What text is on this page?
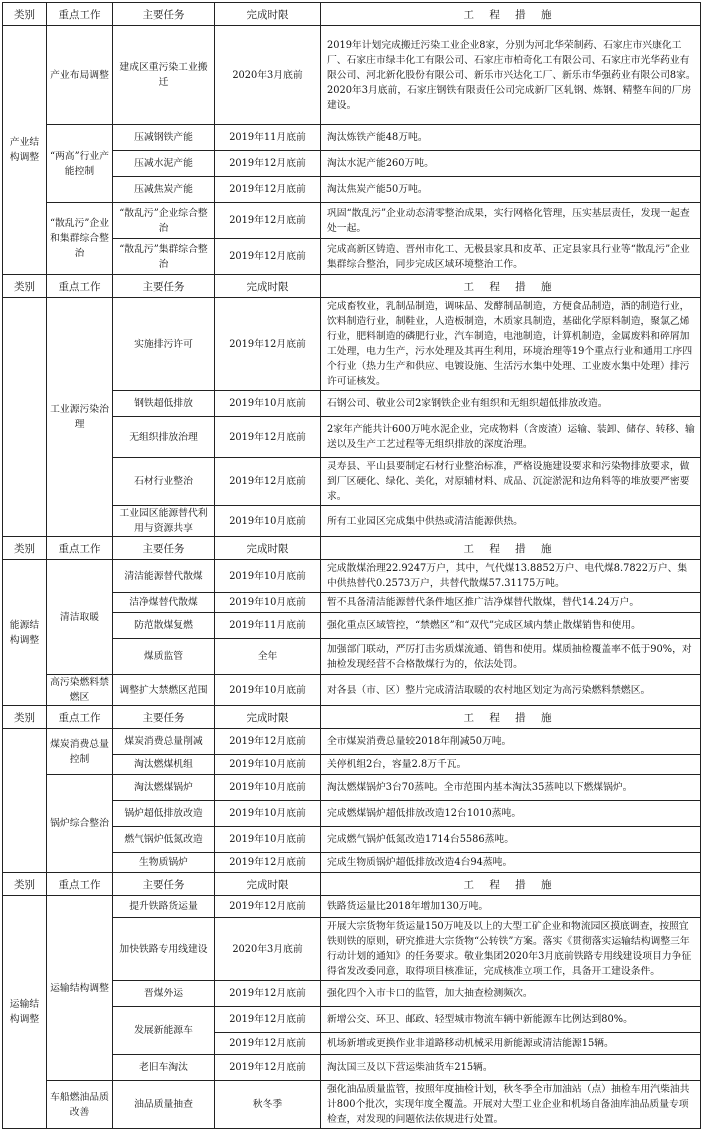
类别	重点工作	主要任务	完成时限	工 程 措 施
产业结构调整	产业布局调整	建成区重污染工业搬迁	2020年3月底前	2019年计划完成搬迁污染工业企业8家，分别为河北华荣制药、石家庄市兴康化工厂、石家庄市绿丰化工有限公司、石家庄市柏奇化工有限公司、石家庄市光华药业有限公司、河北新化股份有限公司、新乐市兴达化工厂、新乐市华强药业有限公司8家。2020年3月底前，石家庄钢铁有限责任公司完成新厂区轧钢、炼钢、精整车间的厂房建设。
	“两高”行业产能控制	压减钢铁产能	2019年11月底前	淘汰炼铁产能48万吨。
		压减水泥产能	2019年12月底前	淘汰水泥产能260万吨。
		压减焦炭产能	2019年12月底前	淘汰焦炭产能50万吨。
	“散乱污”企业和集群综合整治	“散乱污”企业综合整治	2019年12月底前	巩固“散乱污”企业动态清零整治成果，实行网格化管理，压实基层责任，发现一起查处一起。
		“散乱污”集群综合整治	2019年12月底前	完成高新区铸造、晋州市化工、无极县家具和皮革、正定县家具行业等“散乱污”企业集群综合整治，同步完成区域环境整治工作。
类别	重点工作	主要任务	完成时限	工 程 措 施
	工业源污染治理	实施排污许可	2019年12月底前	完成畜牧业，乳制品制造，调味品、发酵制品制造，方便食品制造，酒的制造行业，饮料制造行业，制鞋业，人造板制造，木质家具制造，基础化学原料制造，聚氯乙烯行业，肥料制造的磷肥行业，汽车制造，电池制造，计算机制造，金属废料和碎屑加工处理，电力生产，污水处理及其再生利用，环境治理等19个重点行业和通用工序四个行业（热力生产和供应、电镀设施、生活污水集中处理、工业废水集中处理）排污许可证核发。
		钢铁超低排放	2019年10月底前	石钢公司、敬业公司2家钢铁企业有组织和无组织超低排放改造。
		无组织排放治理	2019年12月底前	2家年产能共计600万吨水泥企业，完成物料（含废渣）运输、装卸、储存、转移、输送以及生产工艺过程等无组织排放的深度治理。
		石材行业整治	2019年12月底前	灵寿县、平山县要制定石材行业整治标准，严格设施建设要求和污染物排放要求，做到厂区硬化、绿化、美化，对原辅材料、成品、沉淀淤泥和边角料等的堆放要严密要求。
		工业园区能源替代利用与资源共享	2019年10月底前	所有工业园区完成集中供热或清洁能源供热。
类别	重点工作	主要任务	完成时限	工 程 措 施
能源结构调整	清洁取暖	清洁能源替代散煤	2019年10月底前	完成散煤治理22.9247万户，其中，气代煤13.8852万户、电代煤8.7822万户、集中供热替代0.2573万户，共替代散煤57.31175万吨。
		洁净煤替代散煤	2019年10月底前	暂不具备清洁能源替代条件地区推广洁净煤替代散煤，替代14.24万户。
		防范散煤复燃	2019年11月底前	强化重点区域管控，“禁燃区”和“双代”完成区域内禁止散煤销售和使用。
		煤质监管	全年	加强部门联动，严厉打击劣质煤流通、销售和使用。煤质抽检覆盖率不低于90%，对抽检发现经营不合格散煤行为的，依法处罚。
	高污染燃料禁燃区	调整扩大禁燃区范围	2019年10月底前	对各县（市、区）整片完成清洁取暖的农村地区划定为高污染燃料禁燃区。
类别	重点工作	主要任务	完成时限	工 程 措 施
	煤炭消费总量控制	煤炭消费总量削减	2019年12月底前	全市煤炭消费总量较2018年削减50万吨。
		淘汰燃煤机组	2019年10月底前	关停机组2台，容量2.8万千瓦。
	锅炉综合整治	淘汰燃煤锅炉	2019年10月底前	淘汰燃煤锅炉3台70蒸吨。全市范围内基本淘汰35蒸吨以下燃煤锅炉。
		锅炉超低排放改造	2019年10月底前	完成燃煤锅炉超低排放改造12台1010蒸吨。
		燃气锅炉低氮改造	2019年10月底前	完成燃气锅炉低氮改造1714台5586蒸吨。
		生物质锅炉	2019年12月底前	完成生物质锅炉超低排放改造4台94蒸吨。
类别	重点工作	主要任务	完成时限	工 程 措 施
运输结构调整	运输结构调整	提升铁路货运量	2019年12月底前	铁路货运量比2018年增加130万吨。
		加快铁路专用线建设	2020年3月底前	开展大宗货物年货运量150万吨及以上的大型工矿企业和物流园区摸底调查，按照宜铁则铁的原则，研究推进大宗货物“公转铁”方案。落实《贯彻落实运输结构调整三年行动计划的通知》的任务要求。敬业集团2020年3月底前铁路专用线建设项目力争征得省发改委同意，取得项目核准证，完成核准立项工作，具备开工建设条件。
		晋煤外运	2019年12月底前	强化四个入市卡口的监管，加大抽查检测频次。
		发展新能源车	2019年12月底前	新增公交、环卫、邮政、轻型城市物流车辆中新能源车比例达到80%。
			2019年12月底前	机场新增或更换作业非道路移动机械采用新能源或清洁能源15辆。
		老旧车淘汰	2019年12月底前	淘汰国三及以下营运柴油货车215辆。
	车船燃油品质改善	油品质量抽查	秋冬季	强化油品质量监管，按照年度抽检计划，秋冬季全市加油站（点）抽检车用汽柴油共计800个批次，实现年度全覆盖。开展对大型工业企业和机场自备油库油品质量专项检查，对发现的问题依法依规进行处置。
